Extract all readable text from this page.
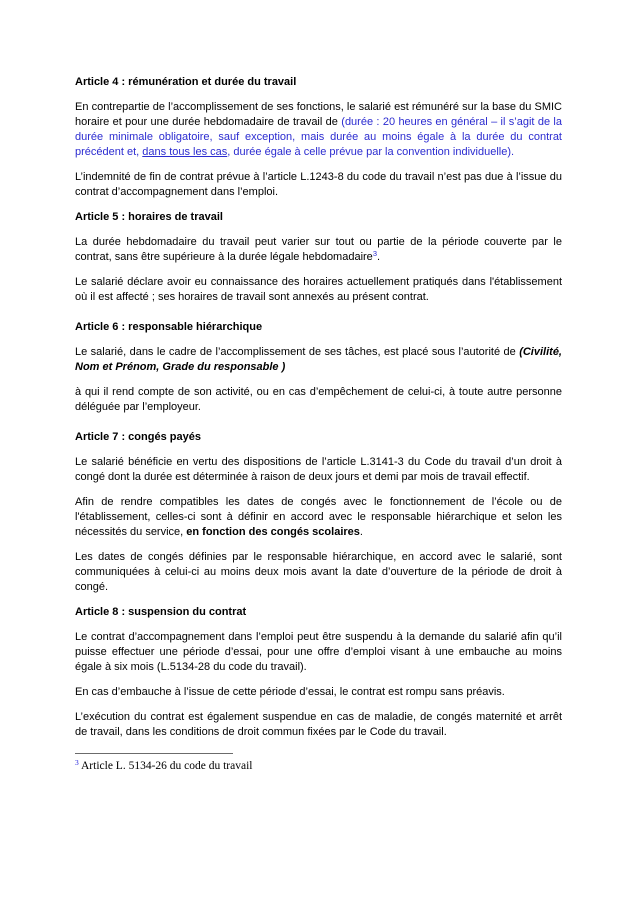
Article 4 : rémunération et durée du travail

En contrepartie de l’accomplissement de ses fonctions, le salarié est rémunéré sur la base du SMIC horaire et pour une durée hebdomadaire de travail de (durée : 20 heures en général – il s’agit de la durée minimale obligatoire, sauf exception, mais durée au moins égale à la durée du contrat précédent et, dans tous les cas, durée égale à celle prévue par la convention individuelle).

L’indemnité de fin de contrat prévue à l’article L.1243-8 du code du travail n’est pas due à l’issue du contrat d’accompagnement dans l’emploi.

Article 5 : horaires de travail

La durée hebdomadaire du travail peut varier sur tout ou partie de la période couverte par le contrat, sans être supérieure à la durée légale hebdomadaire$^3$.

Le salarié déclare avoir eu connaissance des horaires actuellement pratiqués dans l'établissement où il est affecté ; ses horaires de travail sont annexés au présent contrat.

Article 6 : responsable hiérarchique

Le salarié, dans le cadre de l’accomplissement de ses tâches, est placé sous l’autorité de (Civilité, Nom et Prénom, Grade du responsable )

à qui il rend compte de son activité, ou en cas d’empêchement de celui-ci, à toute autre personne déléguée par l’employeur.

Article 7 : congés payés

Le salarié bénéficie en vertu des dispositions de l’article L.3141-3 du Code du travail d’un droit à congé dont la durée est déterminée à raison de deux jours et demi par mois de travail effectif.

Afin de rendre compatibles les dates de congés avec le fonctionnement de l’école ou de l'établissement, celles-ci sont à définir en accord avec le responsable hiérarchique et selon les nécessités du service, en fonction des congés scolaires.

Les dates de congés définies par le responsable hiérarchique, en accord avec le salarié, sont communiquées à celui-ci au moins deux mois avant la date d’ouverture de la période de droit à congé.

Article 8 : suspension du contrat

Le contrat d’accompagnement dans l’emploi peut être suspendu à la demande du salarié afin qu’il puisse effectuer une période d’essai, pour une offre d’emploi visant à une embauche au moins égale à six mois (L.5134-28 du code du travail).

En cas d’embauche à l’issue de cette période d’essai, le contrat est rompu sans préavis.

L’exécution du contrat est également suspendue en cas de maladie, de congés maternité et arrêt de travail, dans les conditions de droit commun fixées par le Code du travail.

$^3$ Article L. 5134-26 du code du travail
